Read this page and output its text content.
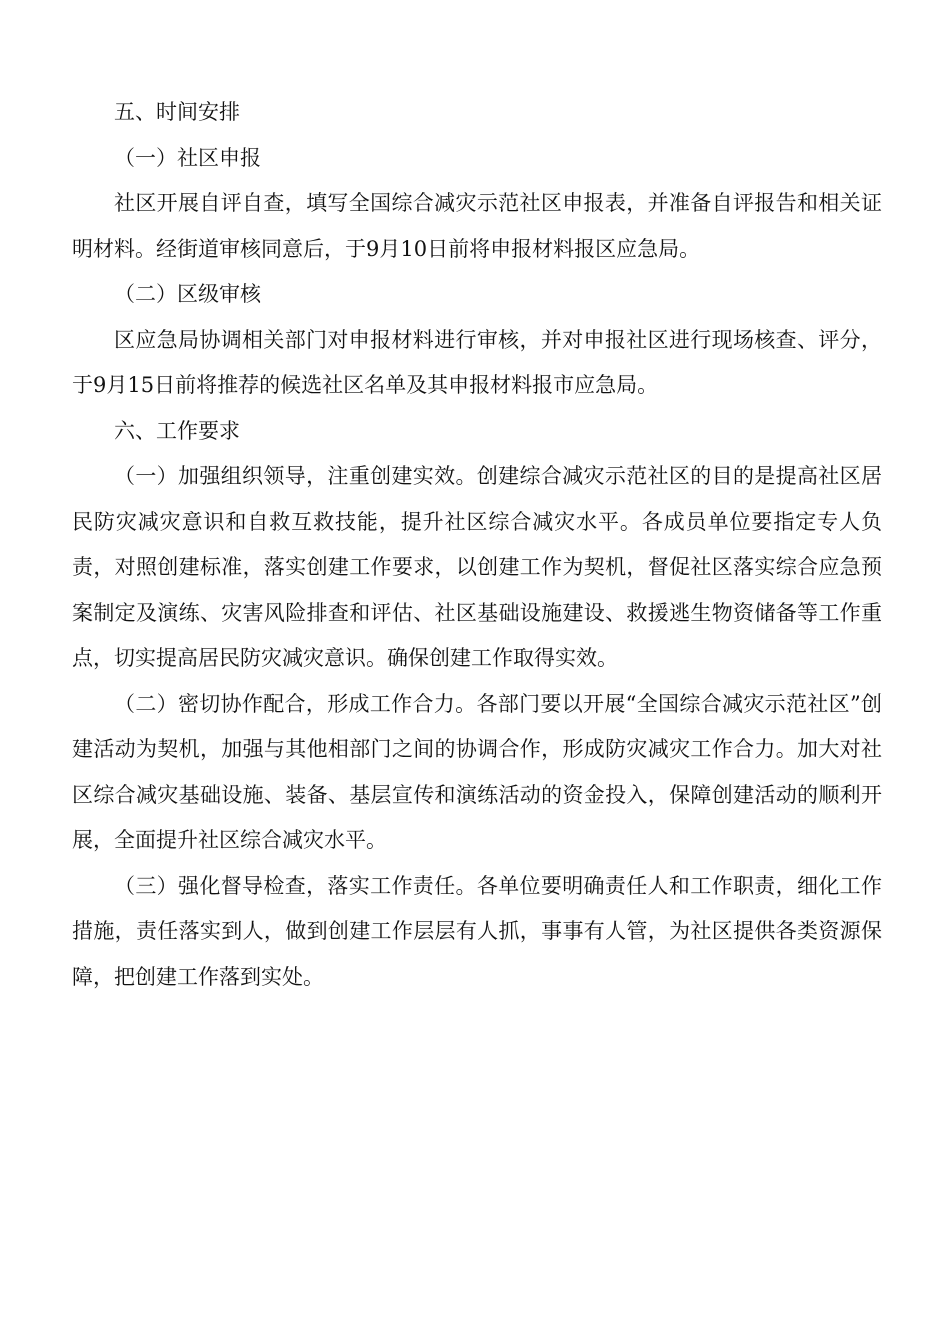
五、时间安排

（一）社区申报

社区开展自评自查，填写全国综合减灾示范社区申报表，并准备自评报告和相关证明材料。经街道审核同意后，于9月10日前将申报材料报区应急局。

（二）区级审核

区应急局协调相关部门对申报材料进行审核，并对申报社区进行现场核查、评分，于9月15日前将推荐的候选社区名单及其申报材料报市应急局。

六、工作要求

（一）加强组织领导，注重创建实效。创建综合减灾示范社区的目的是提高社区居民防灾减灾意识和自救互救技能，提升社区综合减灾水平。各成员单位要指定专人负责，对照创建标准，落实创建工作要求，以创建工作为契机，督促社区落实综合应急预案制定及演练、灾害风险排查和评估、社区基础设施建设、救援逃生物资储备等工作重点，切实提高居民防灾减灾意识。确保创建工作取得实效。

（二）密切协作配合，形成工作合力。各部门要以开展“全国综合减灾示范社区”创建活动为契机，加强与其他相部门之间的协调合作，形成防灾减灾工作合力。加大对社区综合减灾基础设施、装备、基层宣传和演练活动的资金投入，保障创建活动的顺利开展，全面提升社区综合减灾水平。

（三）强化督导检查，落实工作责任。各单位要明确责任人和工作职责，细化工作措施，责任落实到人，做到创建工作层层有人抓，事事有人管，为社区提供各类资源保障，把创建工作落到实处。
